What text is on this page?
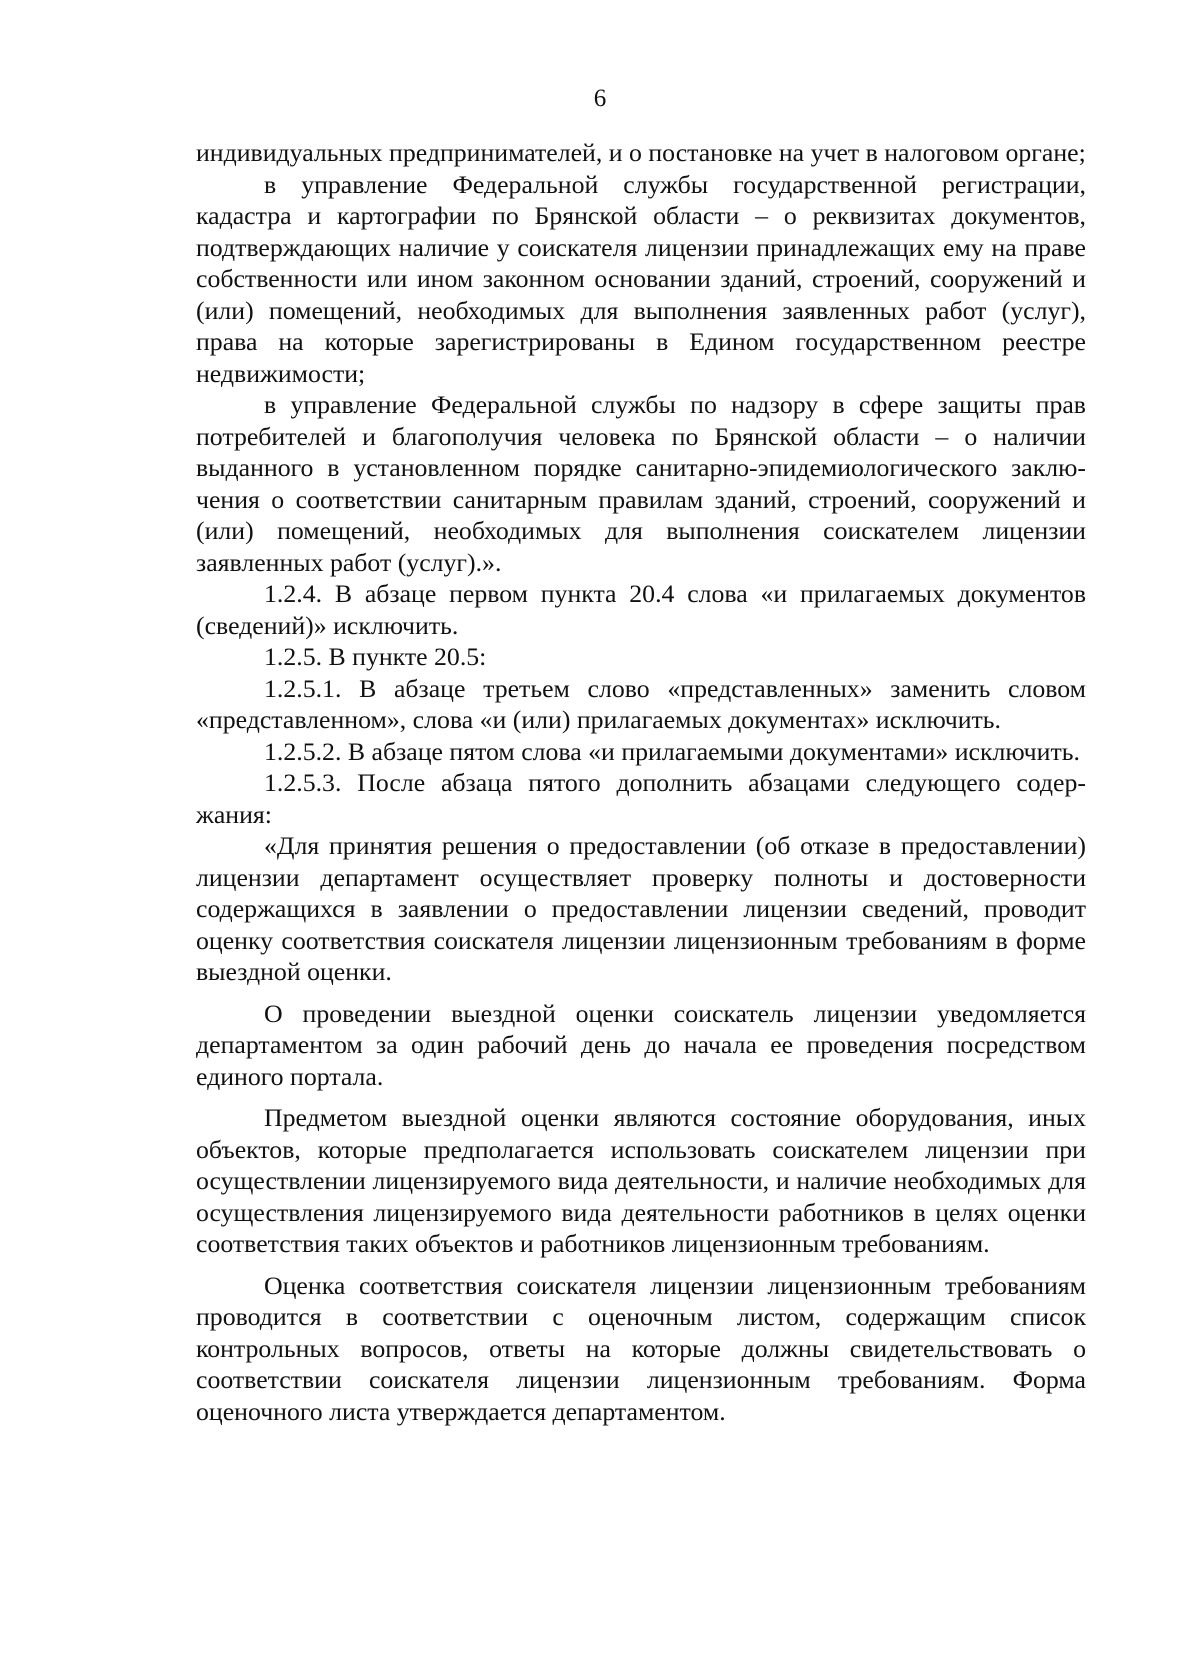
6

индивидуальных предпринимателей, и о постановке на учет в налоговом органе;

в управление Федеральной службы государственной регистрации, кадастра и картографии по Брянской области – о реквизитах документов, подтверждающих наличие у соискателя лицензии принадлежащих ему на праве собственности или ином законном основании зданий, строений, сооружений и (или) помещений, необходимых для выполнения заявленных работ (услуг), права на которые зарегистрированы в Едином государственном реестре недвижимости;

в управление Федеральной службы по надзору в сфере защиты прав потребителей и благополучия человека по Брянской области – о наличии выданного в установленном порядке санитарно-эпидемиологического заключения о соответствии санитарным правилам зданий, строений, сооружений и (или) помещений, необходимых для выполнения соискателем лицензии заявленных работ (услуг).».

1.2.4. В абзаце первом пункта 20.4 слова «и прилагаемых документов (сведений)» исключить.

1.2.5. В пункте 20.5:

1.2.5.1. В абзаце третьем слово «представленных» заменить словом «представленном», слова «и (или) прилагаемых документах» исключить.

1.2.5.2. В абзаце пятом слова «и прилагаемыми документами» исключить.

1.2.5.3. После абзаца пятого дополнить абзацами следующего содержания:

«Для принятия решения о предоставлении (об отказе в предоставлении) лицензии департамент осуществляет проверку полноты и достоверности содержащихся в заявлении о предоставлении лицензии сведений, проводит оценку соответствия соискателя лицензии лицензионным требованиям в форме выездной оценки.

О проведении выездной оценки соискатель лицензии уведомляется департаментом за один рабочий день до начала ее проведения посредством единого портала.

Предметом выездной оценки являются состояние оборудования, иных объектов, которые предполагается использовать соискателем лицензии при осуществлении лицензируемого вида деятельности, и наличие необходимых для осуществления лицензируемого вида деятельности работников в целях оценки соответствия таких объектов и работников лицензионным требованиям.

Оценка соответствия соискателя лицензии лицензионным требованиям проводится в соответствии с оценочным листом, содержащим список контрольных вопросов, ответы на которые должны свидетельствовать о соответствии соискателя лицензии лицензионным требованиям. Форма оценочного листа утверждается департаментом.
